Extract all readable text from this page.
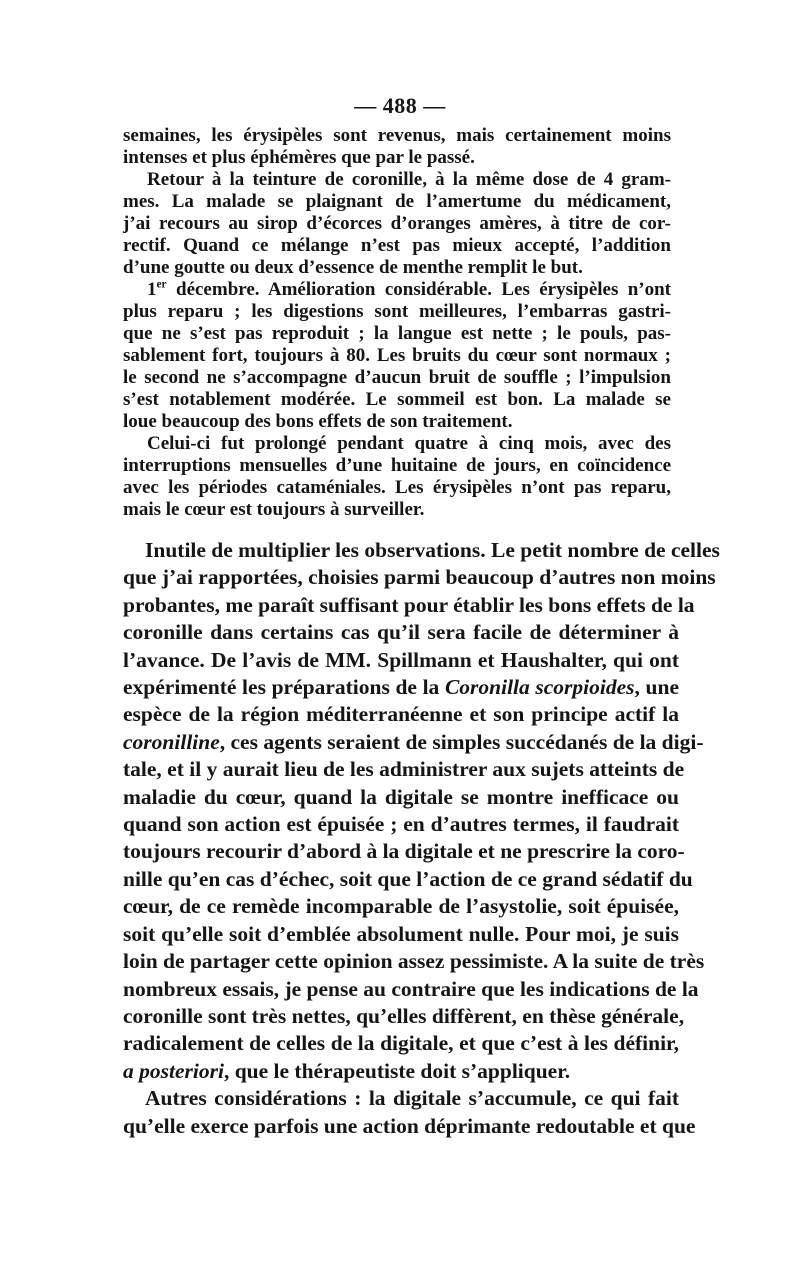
— 488 —
semaines, les érysipèles sont revenus, mais certainement moins
intenses et plus éphémères que par le passé.
Retour à la teinture de coronille, à la même dose de 4 gram-
mes. La malade se plaignant de l’amertume du médicament,
j’ai recours au sirop d’écorces d’oranges amères, à titre de cor-
rectif. Quand ce mélange n’est pas mieux accepté, l’addition
d’une goutte ou deux d’essence de menthe remplit le but.
1er décembre. Amélioration considérable. Les érysipèles n’ont
plus reparu ; les digestions sont meilleures, l’embarras gastri-
que ne s’est pas reproduit ; la langue est nette ; le pouls, pas-
sablement fort, toujours à 80. Les bruits du cœur sont normaux ;
le second ne s’accompagne d’aucun bruit de souffle ; l’impulsion
s’est notablement modérée. Le sommeil est bon. La malade se
loue beaucoup des bons effets de son traitement.
Celui-ci fut prolongé pendant quatre à cinq mois, avec des
interruptions mensuelles d’une huitaine de jours, en coïncidence
avec les périodes cataméniales. Les érysipèles n’ont pas reparu,
mais le cœur est toujours à surveiller.
Inutile de multiplier les observations. Le petit nombre de celles
que j’ai rapportées, choisies parmi beaucoup d’autres non moins
probantes, me paraît suffisant pour établir les bons effets de la
coronille dans certains cas qu’il sera facile de déterminer à
l’avance. De l’avis de MM. Spillmann et Haushalter, qui ont
expérimenté les préparations de la Coronilla scorpioides, une
espèce de la région méditerranéenne et son principe actif la
coronilline, ces agents seraient de simples succédanés de la digi-
tale, et il y aurait lieu de les administrer aux sujets atteints de
maladie du cœur, quand la digitale se montre inefficace ou
quand son action est épuisée ; en d’autres termes, il faudrait
toujours recourir d’abord à la digitale et ne prescrire la coro-
nille qu’en cas d’échec, soit que l’action de ce grand sédatif du
cœur, de ce remède incomparable de l’asystolie, soit épuisée,
soit qu’elle soit d’emblée absolument nulle. Pour moi, je suis
loin de partager cette opinion assez pessimiste. A la suite de très
nombreux essais, je pense au contraire que les indications de la
coronille sont très nettes, qu’elles diffèrent, en thèse générale,
radicalement de celles de la digitale, et que c’est à les définir,
a posteriori, que le thérapeutiste doit s’appliquer.
Autres considérations : la digitale s’accumule, ce qui fait
qu’elle exerce parfois une action déprimante redoutable et que
